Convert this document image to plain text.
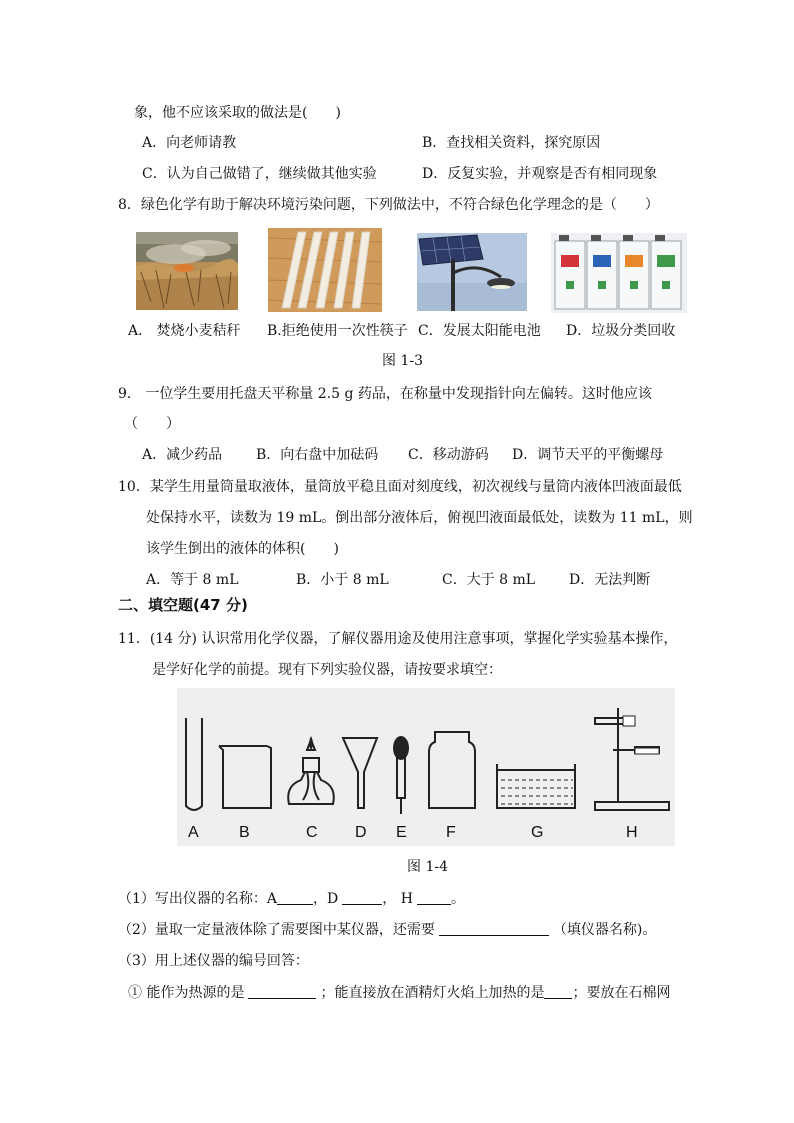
象，他不应该采取的做法是(　　)
A．向老师请教	B．查找相关资料，探究原因
C．认为自己做错了，继续做其他实验	D．反复实验，并观察是否有相同现象
8．绿色化学有助于解决环境污染问题，下列做法中，不符合绿色化学理念的是（　　）
A． 焚烧小麦秸秆 B.拒绝使用一次性筷子 C．发展太阳能电池 D．垃圾分类回收
图 1-3
9． 一位学生要用托盘天平称量 2.5 g 药品，在称量中发现指针向左偏转。这时他应该
（　　）
A．减少药品 B．向右盘中加砝码 C．移动游码 D．调节天平的平衡螺母
10．某学生用量筒量取液体，量筒放平稳且面对刻度线，初次视线与量筒内液体凹液面最低
处保持水平，读数为 19 mL。倒出部分液体后，俯视凹液面最低处，读数为 11 mL，则
该学生倒出的液体的体积(　　)
A．等于 8 mL	B．小于 8 mL	C．大于 8 mL D．无法判断
二、填空题(47 分)
11．(14 分) 认识常用化学仪器，了解仪器用途及使用注意事项，掌握化学实验基本操作，
是学好化学的前提。现有下列实验仪器，请按要求填空：
A	B	C D E F	G	H
图 1-4
（1）写出仪器的名称：A	，D	， H	。
（2）量取一定量液体除了需要图中某仪器，还需要	（填仪器名称)。
（3）用上述仪器的编号回答：
① 能作为热源的是	；能直接放在酒精灯火焰上加热的是 ；要放在石棉网
